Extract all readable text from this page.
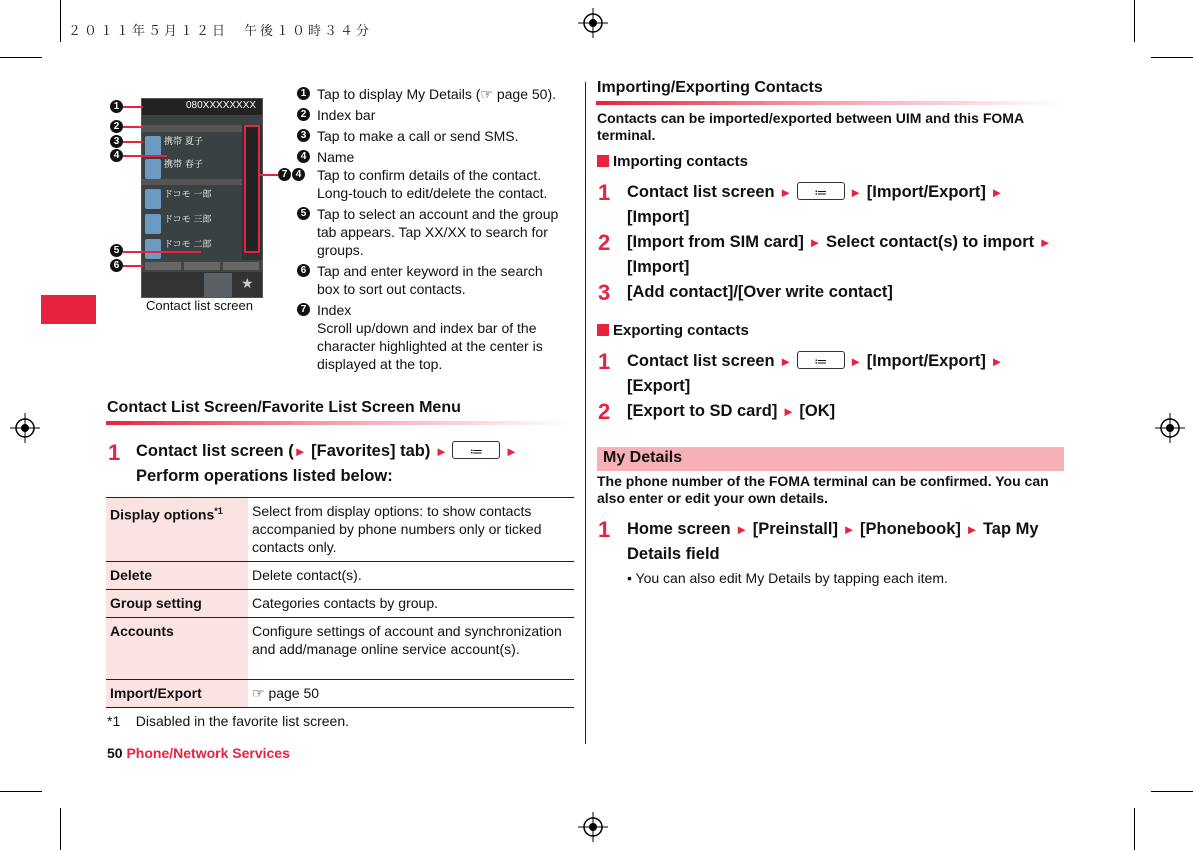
２０１１年５月１２日　午後１０時３４分
080XXXXXXXX
携帯 夏子
携帯 春子
ドコモ 一郎
ドコモ 三郎
ドコモ 二郎
★
Contact list screen
1
2
3
4
5
6
7 4
1 Tap to display My Details (☞ page 50).
2 Index bar
3 Tap to make a call or send SMS.
4 Name
Tap to confirm details of the contact. Long-touch to edit/delete the contact.
5 Tap to select an account and the group tab appears. Tap XX/XX to search for groups.
6 Tap and enter keyword in the search box to sort out contacts.
7 Index
Scroll up/down and index bar of the character highlighted at the center is displayed at the top.
Contact List Screen/Favorite List Screen Menu
1 Contact list screen (► [Favorites] tab) ► ≔	►
Perform operations listed below:
Display options$^{*1}$	Select from display options: to show contacts accompanied by phone numbers only or ticked contacts only.
Delete	Delete contact(s).
Group setting	Categories contacts by group.
Accounts	Configure settings of account and synchronization and add/manage online service account(s).
Import/Export	☞ page 50
*1 Disabled in the favorite list screen.
50 Phone/Network Services
Importing/Exporting Contacts
Contacts can be imported/exported between UIM and this FOMA terminal.
Importing contacts
1 Contact list screen ► ≔	► [Import/Export] ►
[Import]
2 [Import from SIM card] ► Select contact(s) to import ► [Import]
3 [Add contact]/[Over write contact]
Exporting contacts
1 Contact list screen ► ≔	► [Import/Export] ►
[Export]
2 [Export to SD card] ► [OK]
My Details
The phone number of the FOMA terminal can be confirmed. You can also enter or edit your own details.
1 Home screen ► [Preinstall] ► [Phonebook] ► Tap My Details field
• You can also edit My Details by tapping each item.
